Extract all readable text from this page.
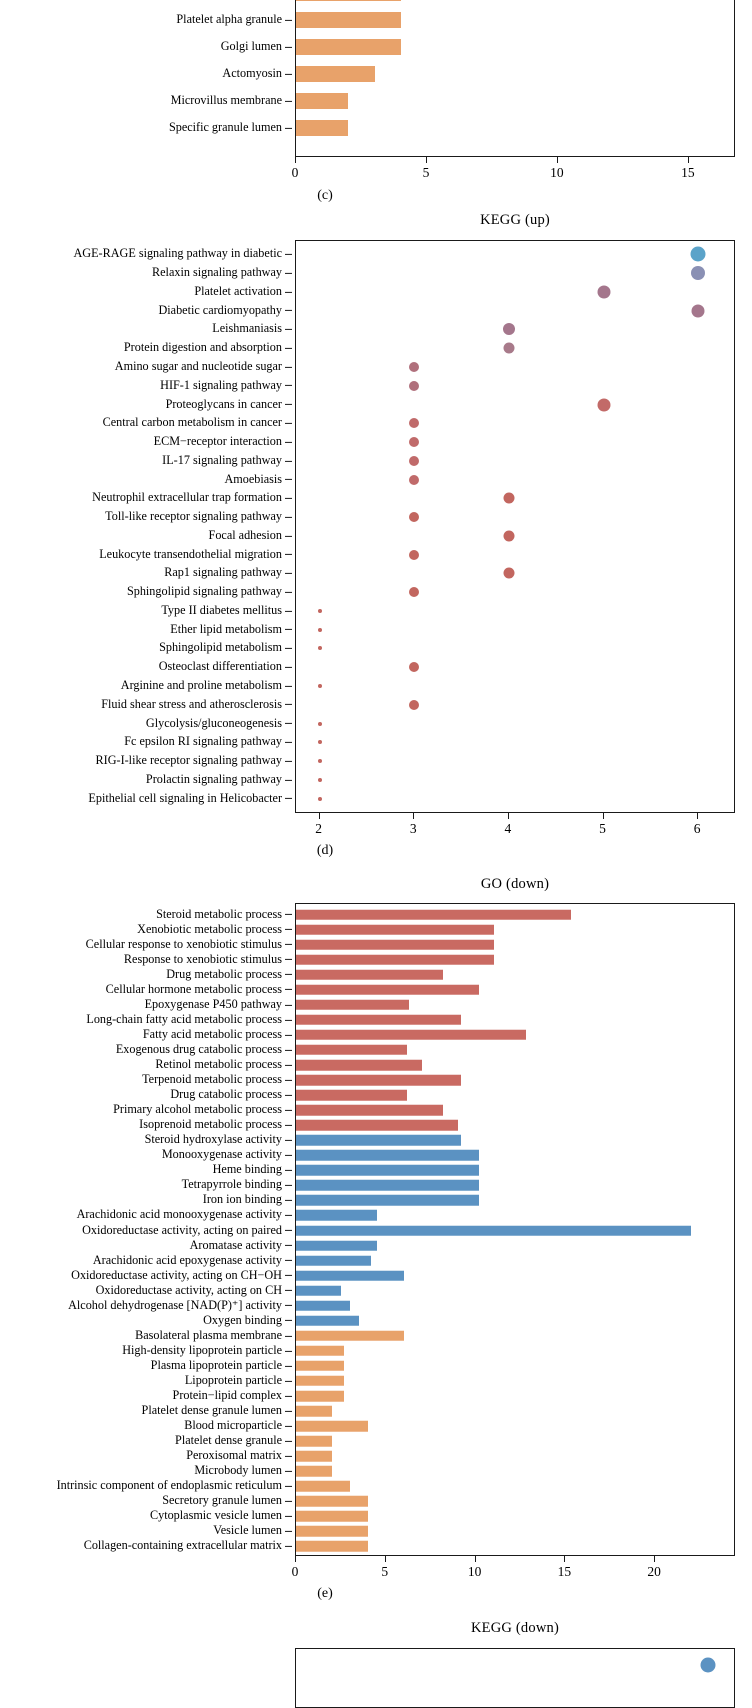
Platelet alpha granule
Golgi lumen
Actomyosin
Microvillus membrane
Specific granule lumen
0	5	10	15
(c)
KEGG (up)
AGE-RAGE signaling pathway in diabetic
Relaxin signaling pathway
Platelet activation
Diabetic cardiomyopathy
Leishmaniasis
Protein digestion and absorption
Amino sugar and nucleotide sugar
HIF-1 signaling pathway
Proteoglycans in cancer
Central carbon metabolism in cancer
ECM−receptor interaction
IL-17 signaling pathway
Amoebiasis
Neutrophil extracellular trap formation
Toll-like receptor signaling pathway
Focal adhesion
Leukocyte transendothelial migration
Rap1 signaling pathway
Sphingolipid signaling pathway
Type II diabetes mellitus
Ether lipid metabolism
Sphingolipid metabolism
Osteoclast differentiation
Arginine and proline metabolism
Fluid shear stress and atherosclerosis
Glycolysis/gluconeogenesis
Fc epsilon RI signaling pathway
RIG-I-like receptor signaling pathway
Prolactin signaling pathway
Epithelial cell signaling in Helicobacter
2	3	4	5	6
(d)
GO (down)
Steroid metabolic process
Xenobiotic metabolic process
Cellular response to xenobiotic stimulus
Response to xenobiotic stimulus
Drug metabolic process
Cellular hormone metabolic process
Epoxygenase P450 pathway
Long-chain fatty acid metabolic process
Fatty acid metabolic process
Exogenous drug catabolic process
Retinol metabolic process
Terpenoid metabolic process
Drug catabolic process
Primary alcohol metabolic process
Isoprenoid metabolic process
Steroid hydroxylase activity
Monooxygenase activity
Heme binding
Tetrapyrrole binding
Iron ion binding
Arachidonic acid monooxygenase activity
Oxidoreductase activity, acting on paired
Aromatase activity
Arachidonic acid epoxygenase activity
Oxidoreductase activity, acting on CH−OH
Oxidoreductase activity, acting on CH
Alcohol dehydrogenase [NAD(P)⁺] activity
Oxygen binding
Basolateral plasma membrane
High-density lipoprotein particle
Plasma lipoprotein particle
Lipoprotein particle
Protein−lipid complex
Platelet dense granule lumen
Blood microparticle
Platelet dense granule
Peroxisomal matrix
Microbody lumen
Intrinsic component of endoplasmic reticulum
Secretory granule lumen
Cytoplasmic vesicle lumen
Vesicle lumen
Collagen-containing extracellular matrix
0	5	10	15	20
(e)
KEGG (down)
